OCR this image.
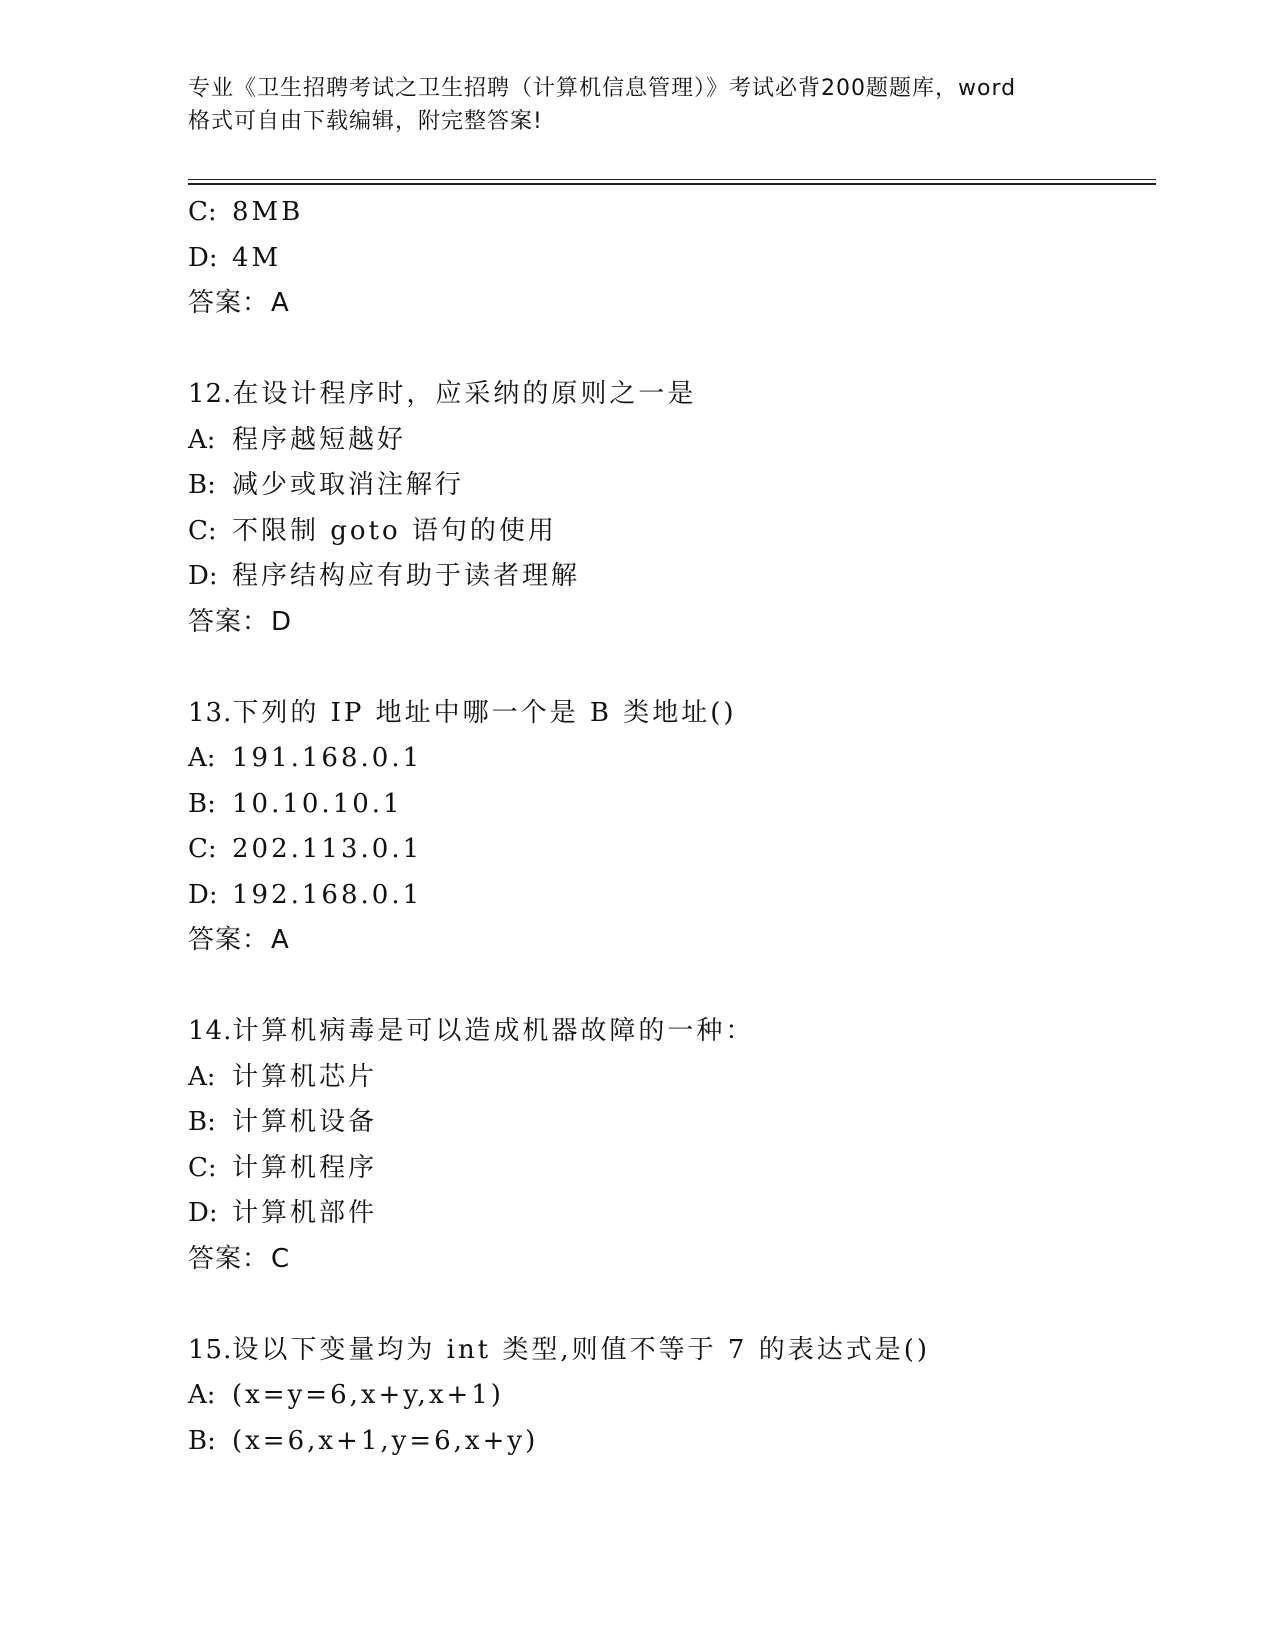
专业《卫生招聘考试之卫生招聘（计算机信息管理）》考试必背200题题库，word
格式可自由下载编辑，附完整答案!
C: 8MB
D: 4M
答案：A
12.在设计程序时，应采纳的原则之一是
A: 程序越短越好
B: 减少或取消注解行
C: 不限制 goto 语句的使用
D: 程序结构应有助于读者理解
答案：D
13.下列的 IP 地址中哪一个是 B 类地址()
A: 191.168.0.1
B: 10.10.10.1
C: 202.113.0.1
D: 192.168.0.1
答案：A
14.计算机病毒是可以造成机器故障的一种：
A: 计算机芯片
B: 计算机设备
C: 计算机程序
D: 计算机部件
答案：C
15.设以下变量均为 int 类型,则值不等于 7 的表达式是()
A: (x=y=6,x+y,x+1)
B: (x=6,x+1,y=6,x+y)
